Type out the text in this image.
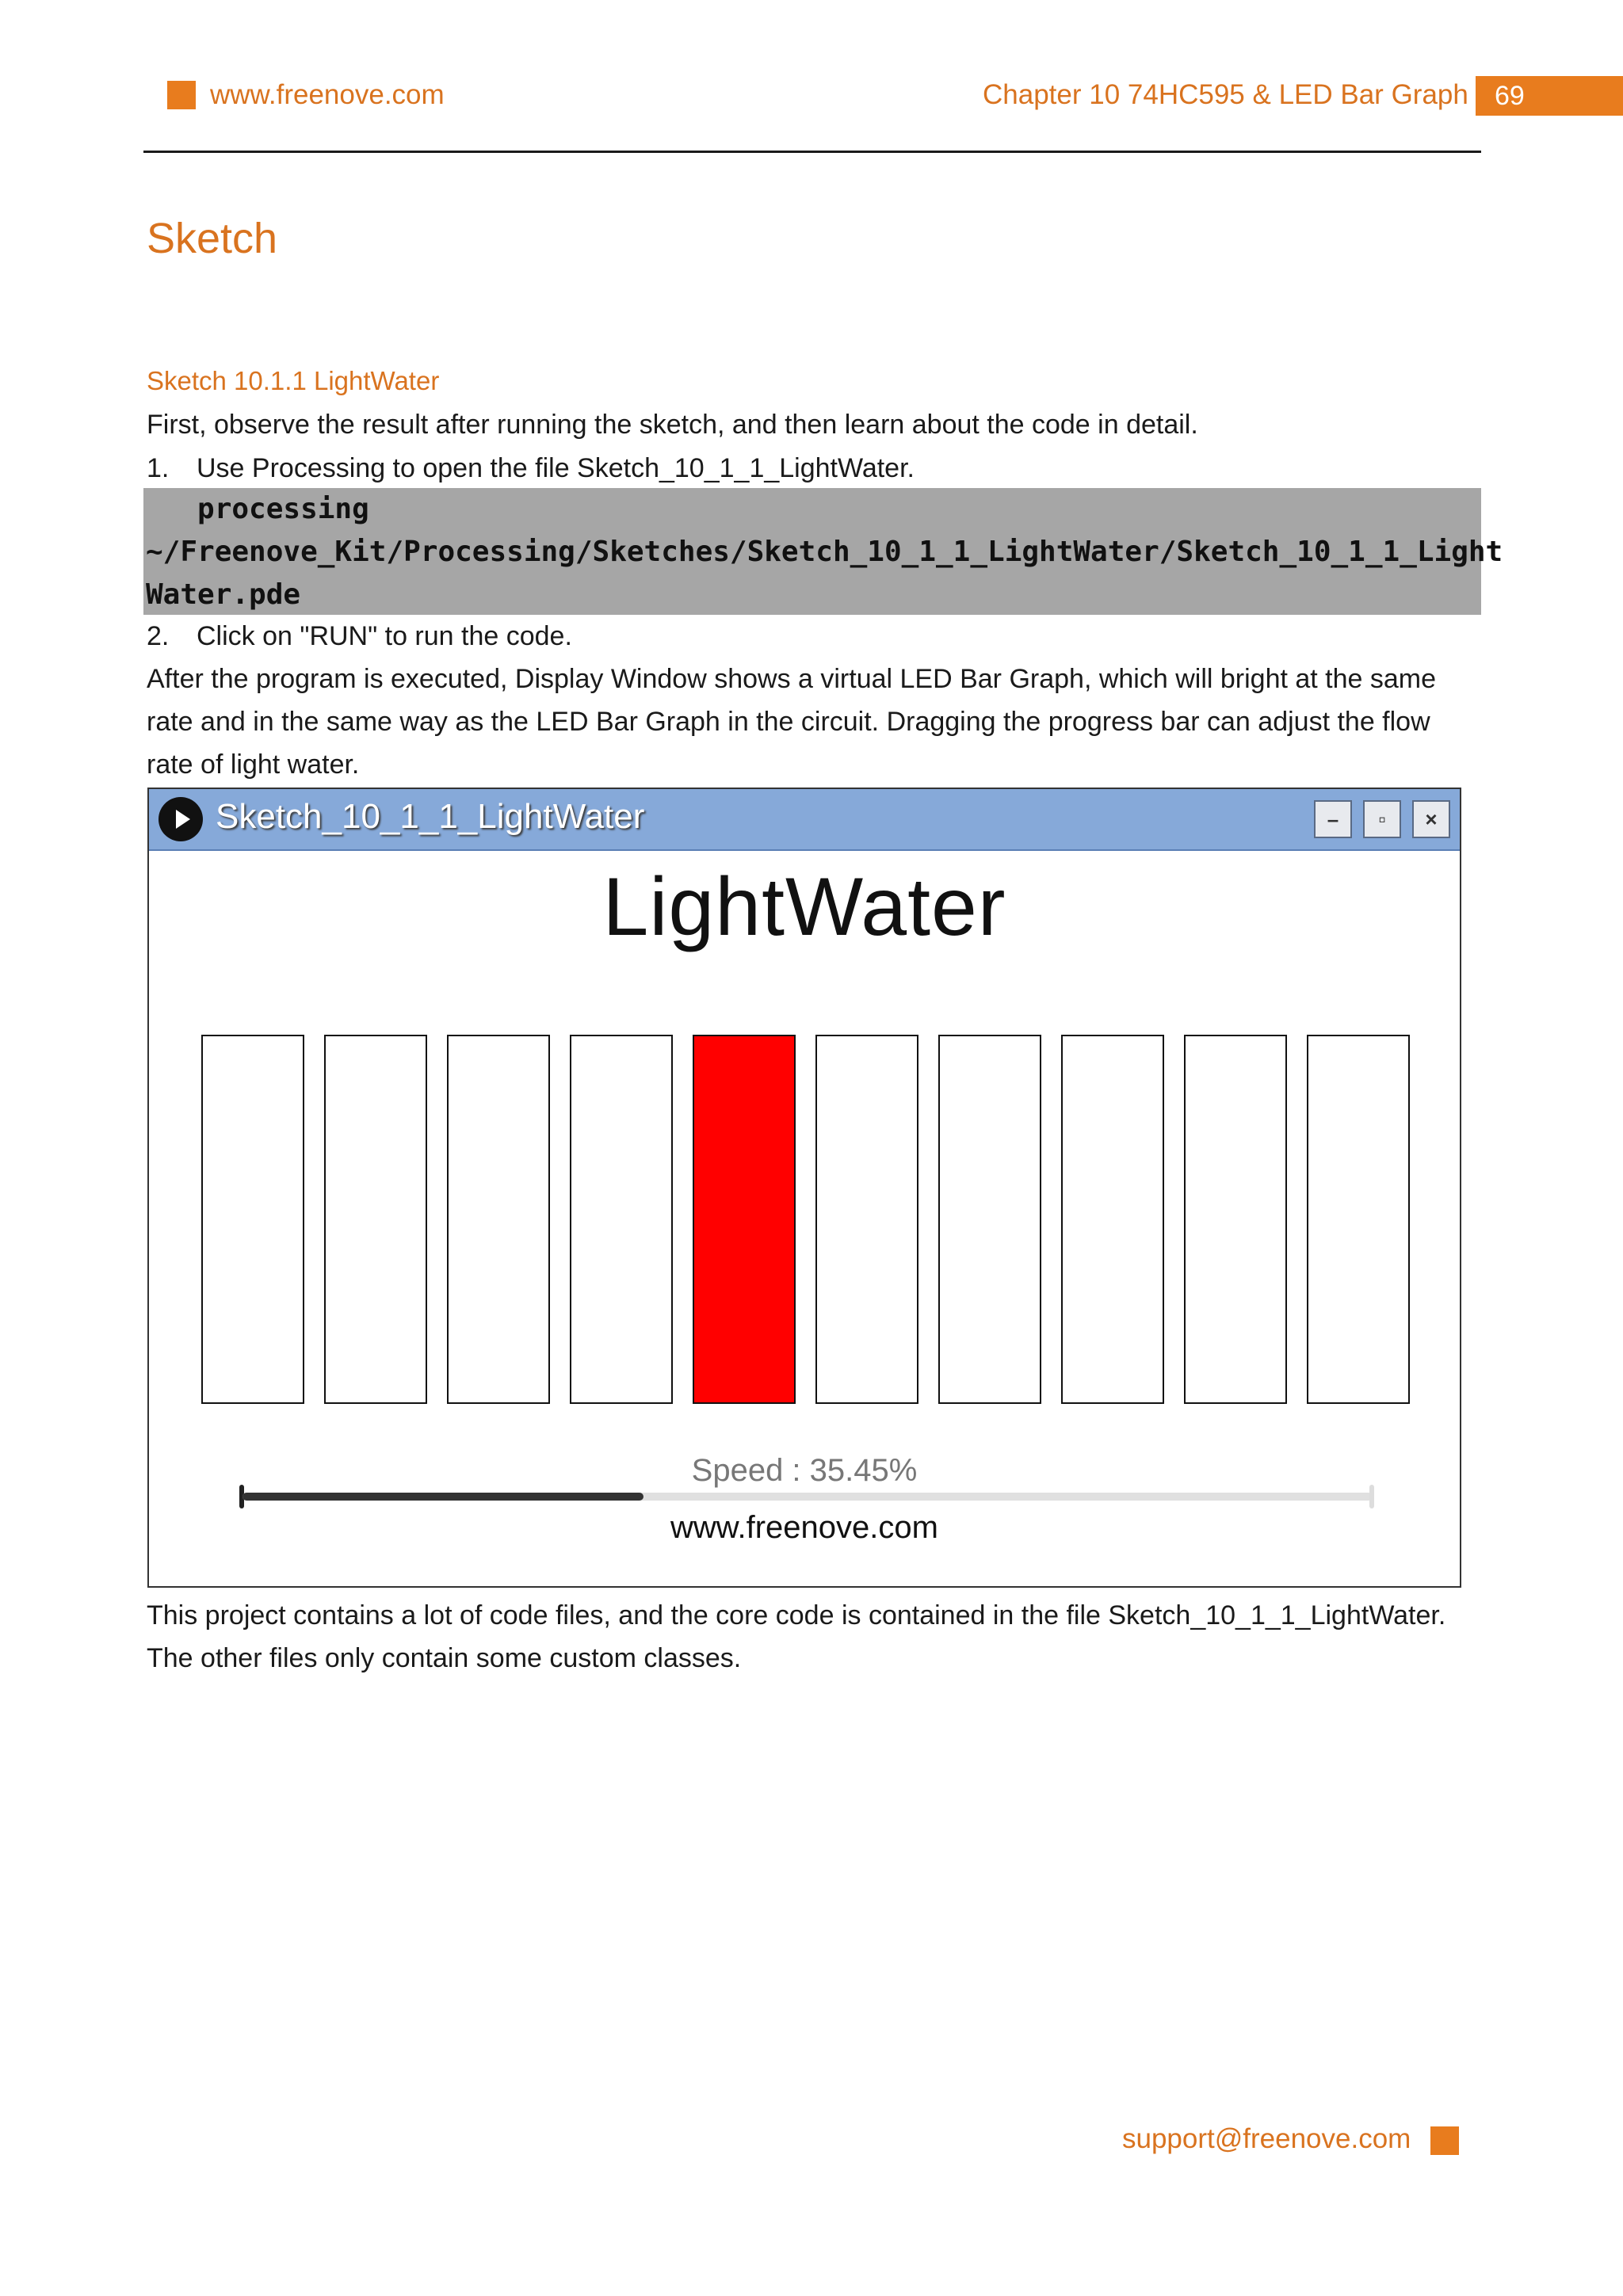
www.freenove.com	Chapter 10 74HC595 & LED Bar Graph 69
Sketch
Sketch 10.1.1 LightWater
First, observe the result after running the sketch, and then learn about the code in detail.
1. Use Processing to open the file Sketch_10_1_1_LightWater.
processing
~/Freenove_Kit/Processing/Sketches/Sketch_10_1_1_LightWater/Sketch_10_1_1_Light
Water.pde
2. Click on "RUN" to run the code.
After the program is executed, Display Window shows a virtual LED Bar Graph, which will bright at the same
rate and in the same way as the LED Bar Graph in the circuit. Dragging the progress bar can adjust the flow
rate of light water.
Sketch_10_1_1_LightWater	–	▫	×
LightWater
Speed : 35.45%
www.freenove.com
This project contains a lot of code files, and the core code is contained in the file Sketch_10_1_1_LightWater.
The other files only contain some custom classes.
support@freenove.com
